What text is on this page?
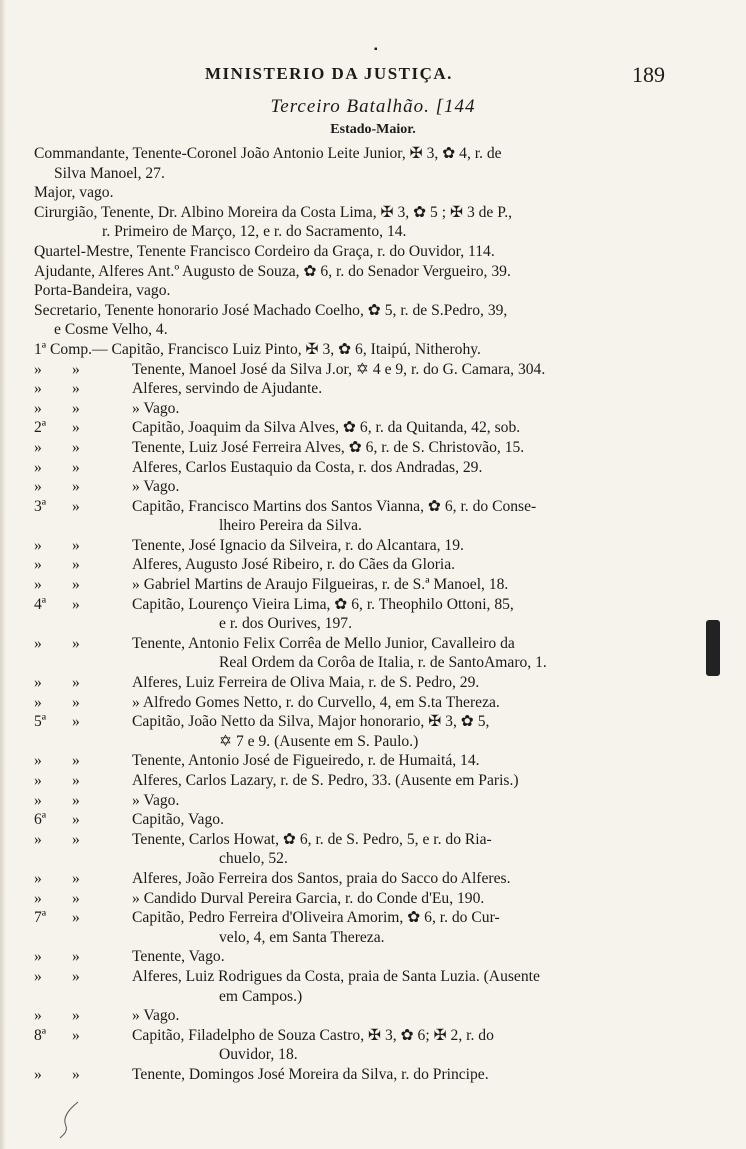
▪
MINISTERIO DA JUSTIÇA.	189
Terceiro Batalhão. [144
Estado-Maior.
Commandante, Tenente-Coronel João Antonio Leite Junior, ✠ 3, ✿ 4, r. de
Silva Manoel, 27.
Major, vago.
Cirurgião, Tenente, Dr. Albino Moreira da Costa Lima, ✠ 3, ✿ 5 ; ✠ 3 de P.,
r. Primeiro de Março, 12, e r. do Sacramento, 14.
Quartel-Mestre, Tenente Francisco Cordeiro da Graça, r. do Ouvidor, 114.
Ajudante, Alferes Ant.º Augusto de Souza, ✿ 6, r. do Senador Vergueiro, 39.
Porta-Bandeira, vago.
Secretario, Tenente honorario José Machado Coelho, ✿ 5, r. de S.Pedro, 39,
e Cosme Velho, 4.
1ª Comp.— Capitão, Francisco Luiz Pinto, ✠ 3, ✿ 6, Itaipú, Nitherohy.
» »	Tenente, Manoel José da Silva J.or, ✡ 4 e 9, r. do G. Camara, 304.
» »	Alferes, servindo de Ajudante.
» »	» Vago.
2ª »	Capitão, Joaquim da Silva Alves, ✿ 6, r. da Quitanda, 42, sob.
» »	Tenente, Luiz José Ferreira Alves, ✿ 6, r. de S. Christovão, 15.
» »	Alferes, Carlos Eustaquio da Costa, r. dos Andradas, 29.
» »	» Vago.
3ª »	Capitão, Francisco Martins dos Santos Vianna, ✿ 6, r. do Conse-
lheiro Pereira da Silva.
» »	Tenente, José Ignacio da Silveira, r. do Alcantara, 19.
» »	Alferes, Augusto José Ribeiro, r. do Cães da Gloria.
» »	» Gabriel Martins de Araujo Filgueiras, r. de S.ª Manoel, 18.
4ª »	Capitão, Lourenço Vieira Lima, ✿ 6, r. Theophilo Ottoni, 85,
e r. dos Ourives, 197.
» »	Tenente, Antonio Felix Corrêa de Mello Junior, Cavalleiro da
Real Ordem da Corôa de Italia, r. de SantoAmaro, 1.
» »	Alferes, Luiz Ferreira de Oliva Maia, r. de S. Pedro, 29.
» »	» Alfredo Gomes Netto, r. do Curvello, 4, em S.ta Thereza.
5ª »	Capitão, João Netto da Silva, Major honorario, ✠ 3, ✿ 5,
✡ 7 e 9. (Ausente em S. Paulo.)
» »	Tenente, Antonio José de Figueiredo, r. de Humaitá, 14.
» »	Alferes, Carlos Lazary, r. de S. Pedro, 33. (Ausente em Paris.)
» »	» Vago.
6ª »	Capitão, Vago.
» »	Tenente, Carlos Howat, ✿ 6, r. de S. Pedro, 5, e r. do Ria-
chuelo, 52.
» »	Alferes, João Ferreira dos Santos, praia do Sacco do Alferes.
» »	» Candido Durval Pereira Garcia, r. do Conde d'Eu, 190.
7ª »	Capitão, Pedro Ferreira d'Oliveira Amorim, ✿ 6, r. do Cur-
velo, 4, em Santa Thereza.
» »	Tenente, Vago.
» »	Alferes, Luiz Rodrigues da Costa, praia de Santa Luzia. (Ausente
em Campos.)
» »	» Vago.
8ª »	Capitão, Filadelpho de Souza Castro, ✠ 3, ✿ 6; ✠ 2, r. do
Ouvidor, 18.
» »	Tenente, Domingos José Moreira da Silva, r. do Principe.
